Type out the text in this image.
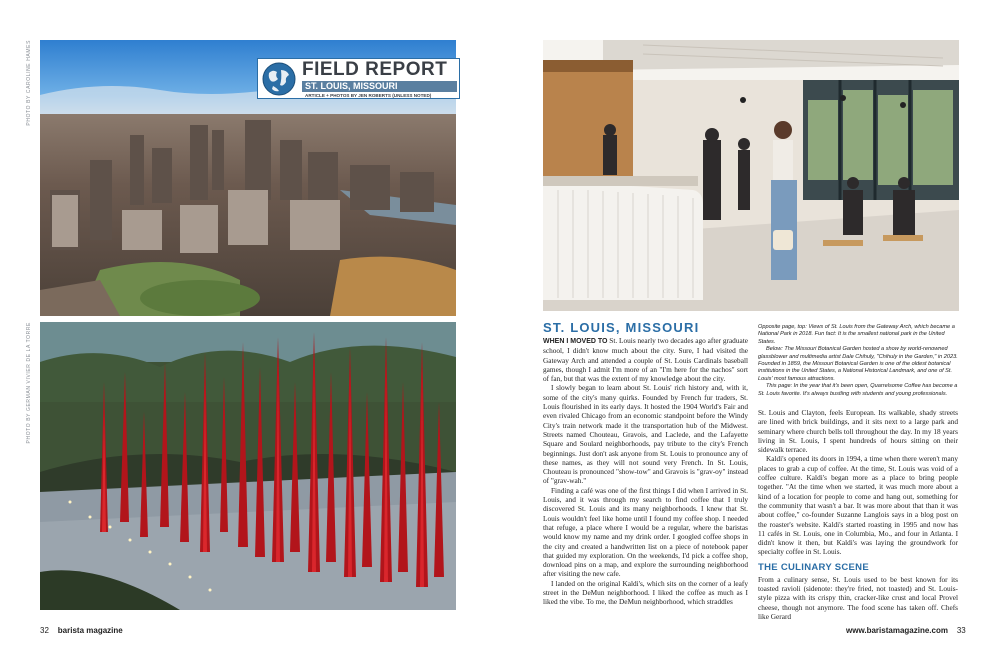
PHOTO BY CAROLINE HAMES
PHOTO BY GERMAN VIVIER DE LA TORRE
FIELD REPORT
ST. LOUIS, MISSOURI
ARTICLE + PHOTOS BY JEN ROBERTS (UNLESS NOTED)
ST. LOUIS, MISSOURI

WHEN I MOVED TO St. Louis nearly two decades ago after graduate school, I didn't know much about the city. Sure, I had visited the Gateway Arch and attended a couple of St. Louis Cardinals baseball games, though I admit I'm more of an "I'm here for the nachos" sort of fan, but that was the extent of my knowledge about the city.

I slowly began to learn about St. Louis' rich history and, with it, some of the city's many quirks. Founded by French fur traders, St. Louis flourished in its early days. It hosted the 1904 World's Fair and even rivaled Chicago from an economic standpoint before the Windy City's train network made it the transportation hub of the Midwest. Streets named Chouteau, Gravois, and Laclede, and the Lafayette Square and Soulard neighborhoods, pay tribute to the city's French beginnings. Just don't ask anyone from St. Louis to pronounce any of these names, as they will not sound very French. In St. Louis, Chouteau is pronounced "show-tow" and Gravois is "grav-oy" instead of "grav-wah."

Finding a café was one of the first things I did when I arrived in St. Louis, and it was through my search to find coffee that I truly discovered St. Louis and its many neighborhoods. I knew that St. Louis wouldn't feel like home until I found my coffee shop. I needed that refuge, a place where I would be a regular, where the baristas would know my name and my drink order. I googled coffee shops in the city and created a handwritten list on a piece of notebook paper that guided my exploration. On the weekends, I'd pick a coffee shop, download pins on a map, and explore the surrounding neighborhood after visiting the new cafe.

I landed on the original Kaldi's, which sits on the corner of a leafy street in the DeMun neighborhood. I liked the coffee as much as I liked the vibe. To me, the DeMun neighborhood, which straddles

Opposite page, top: Views of St. Louis from the Gateway Arch, which became a National Park in 2018. Fun fact: It is the smallest national park in the United States.

Below: The Missouri Botanical Garden hosted a show by world-renowned glassblower and multimedia artist Dale Chihuly, "Chihuly in the Garden," in 2023. Founded in 1859, the Missouri Botanical Garden is one of the oldest botanical institutions in the United States, a National Historical Landmark, and one of St. Louis' most famous attractions.

This page: In the year that it's been open, Quarrelsome Coffee has become a St. Louis favorite. It's always bustling with students and young professionals.

St. Louis and Clayton, feels European. Its walkable, shady streets are lined with brick buildings, and it sits next to a large park and seminary where church bells toll throughout the day. In my 18 years living in St. Louis, I spent hundreds of hours sitting on their sidewalk terrace.

Kaldi's opened its doors in 1994, a time when there weren't many places to grab a cup of coffee. At the time, St. Louis was void of a coffee culture. Kaldi's began more as a place to bring people together. "At the time when we started, it was much more about a kind of a location for people to come and hang out, something for the community that wasn't a bar. It was more about that than it was about coffee," co-founder Suzanne Langlois says in a blog post on the roaster's website. Kaldi's started roasting in 1995 and now has 11 cafés in St. Louis, one in Columbia, Mo., and four in Atlanta. I didn't know it then, but Kaldi's was laying the groundwork for specialty coffee in St. Louis.

THE CULINARY SCENE

From a culinary sense, St. Louis used to be best known for its toasted ravioli (sidenote: they're fried, not toasted) and St. Louis-style pizza with its crispy thin, cracker-like crust and local Provel cheese, though not anymore. The food scene has taken off. Chefs like Gerard

32 barista magazine	www.baristamagazine.com 33
